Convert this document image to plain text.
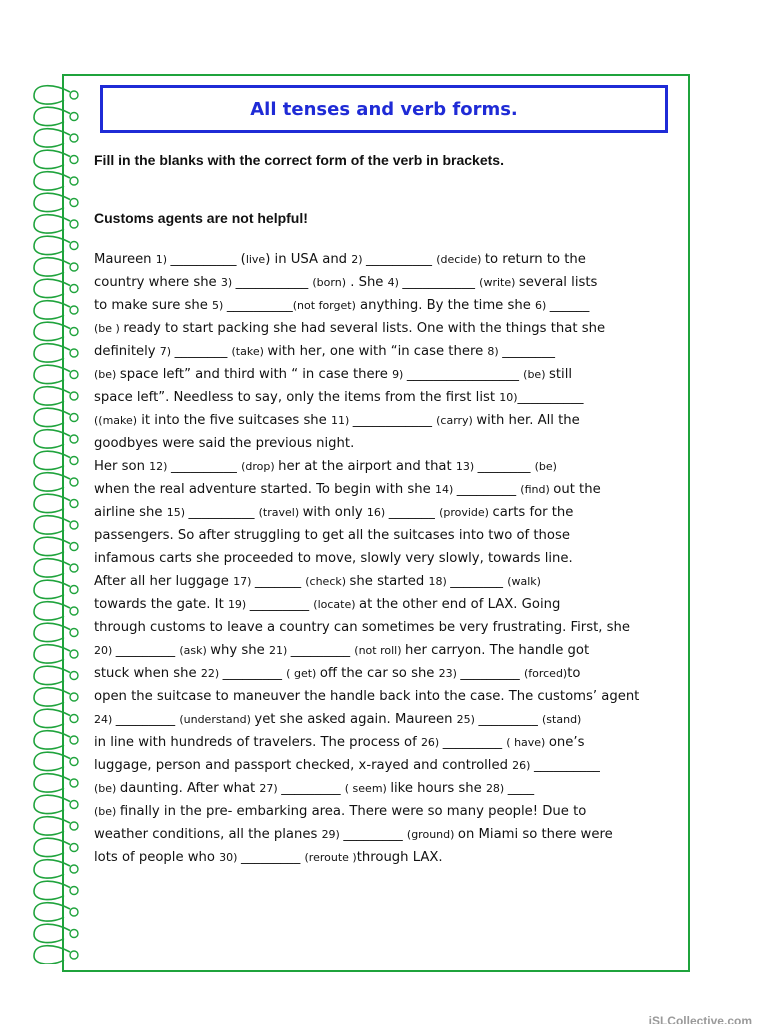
All tenses and verb forms.
Fill in the blanks with the correct form of the verb in brackets.
Customs agents are not helpful!
Maureen 1) __________ (live) in USA and 2) __________ (decide) to return to the
country where she 3) ___________ (born) . She 4) ___________ (write) several lists
to make sure she 5) __________(not forget) anything. By the time she 6) ______
(be ) ready to start packing she had several lists. One with the things that she
definitely 7) ________ (take) with her, one with “in case there 8) ________
(be) space left” and third with “ in case there 9) _________________ (be) still
space left”. Needless to say, only the items from the first list 10)__________
((make) it into the five suitcases she 11) ____________ (carry) with her. All the
goodbyes were said the previous night.
Her son 12) __________ (drop) her at the airport and that 13) ________ (be)
when the real adventure started. To begin with she 14) _________ (find) out the
airline she 15) __________ (travel) with only 16) _______ (provide) carts for the
passengers. So after struggling to get all the suitcases into two of those
infamous carts she proceeded to move, slowly very slowly, towards line.
After all her luggage 17) _______ (check) she started 18) ________ (walk)
towards the gate. It 19) _________ (locate) at the other end of LAX. Going
through customs to leave a country can sometimes be very frustrating. First, she
20) _________ (ask) why she 21) _________ (not roll) her carryon. The handle got
stuck when she 22) _________ ( get) off the car so she 23) _________ (forced)to
open the suitcase to maneuver the handle back into the case. The customs’ agent
24) _________ (understand) yet she asked again. Maureen 25) _________ (stand)
in line with hundreds of travelers. The process of 26) _________ ( have) one’s
luggage, person and passport checked, x-rayed and controlled 26) __________
(be) daunting. After what 27) _________ ( seem) like hours she 28) ____
(be) finally in the pre- embarking area. There were so many people! Due to
weather conditions, all the planes 29) _________ (ground) on Miami so there were
lots of people who 30) _________ (reroute )through LAX.
iSLCollective.com
